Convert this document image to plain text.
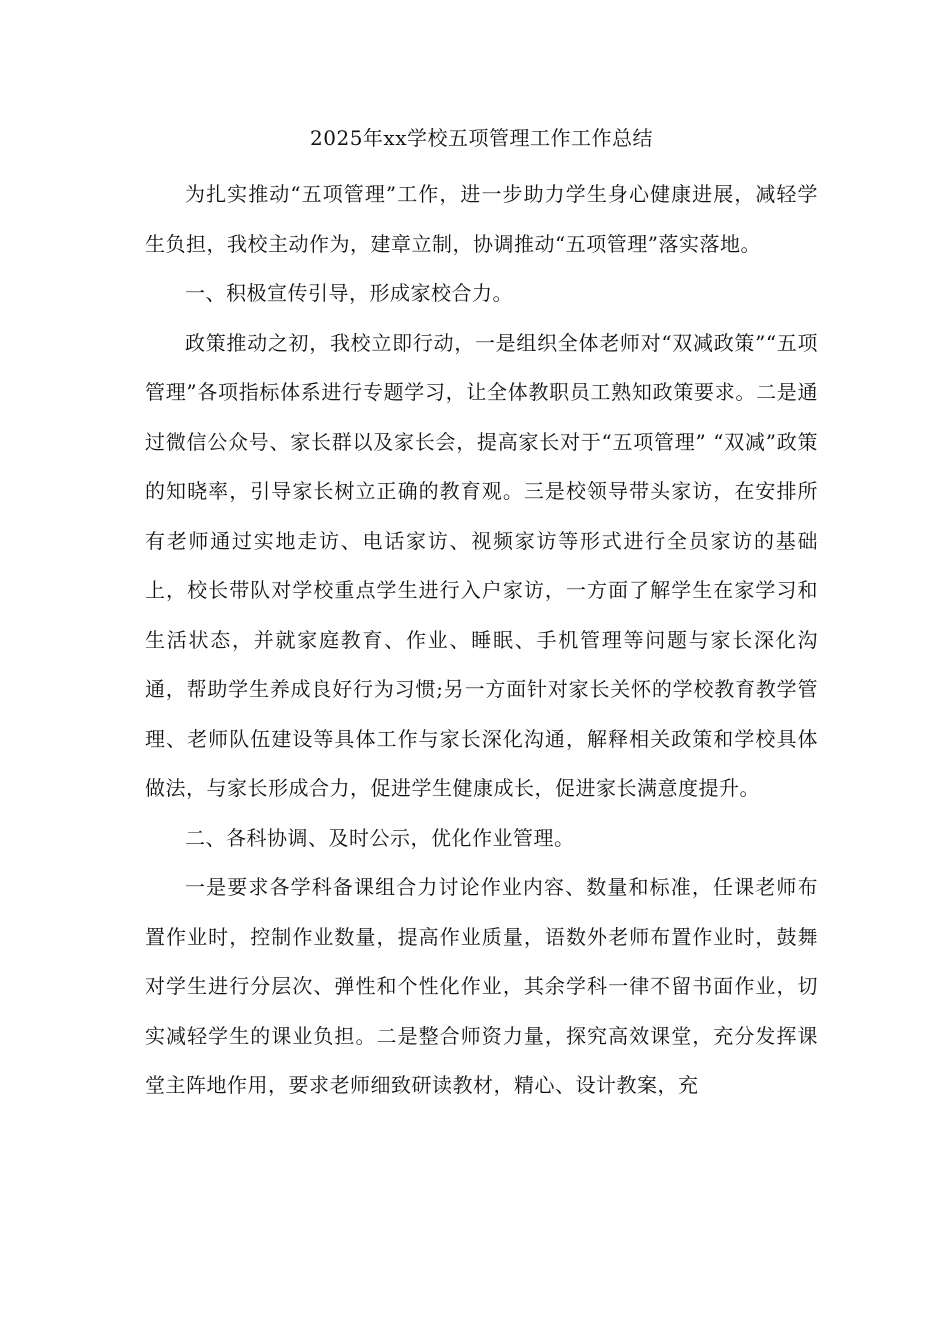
2025年xx学校五项管理工作工作总结

为扎实推动“五项管理”工作，进一步助力学生身心健康进展，减轻学生负担，我校主动作为，建章立制，协调推动“五项管理”落实落地。

一、积极宣传引导，形成家校合力。

政策推动之初，我校立即行动，一是组织全体老师对“双减政策”“五项管理”各项指标体系进行专题学习，让全体教职员工熟知政策要求。二是通过微信公众号、家长群以及家长会，提高家长对于“五项管理” “双减”政策的知晓率，引导家长树立正确的教育观。三是校领导带头家访，在安排所有老师通过实地走访、电话家访、视频家访等形式进行全员家访的基础上，校长带队对学校重点学生进行入户家访，一方面了解学生在家学习和生活状态，并就家庭教育、作业、睡眠、手机管理等问题与家长深化沟通，帮助学生养成良好行为习惯;另一方面针对家长关怀的学校教育教学管理、老师队伍建设等具体工作与家长深化沟通，解释相关政策和学校具体做法，与家长形成合力，促进学生健康成长，促进家长满意度提升。

二、各科协调、及时公示，优化作业管理。

一是要求各学科备课组合力讨论作业内容、数量和标准，任课老师布置作业时，控制作业数量，提高作业质量，语数外老师布置作业时，鼓舞对学生进行分层次、弹性和个性化作业，其余学科一律不留书面作业，切实减轻学生的课业负担。二是整合师资力量，探究高效课堂，充分发挥课堂主阵地作用，要求老师细致研读教材，精心、设计教案，充
